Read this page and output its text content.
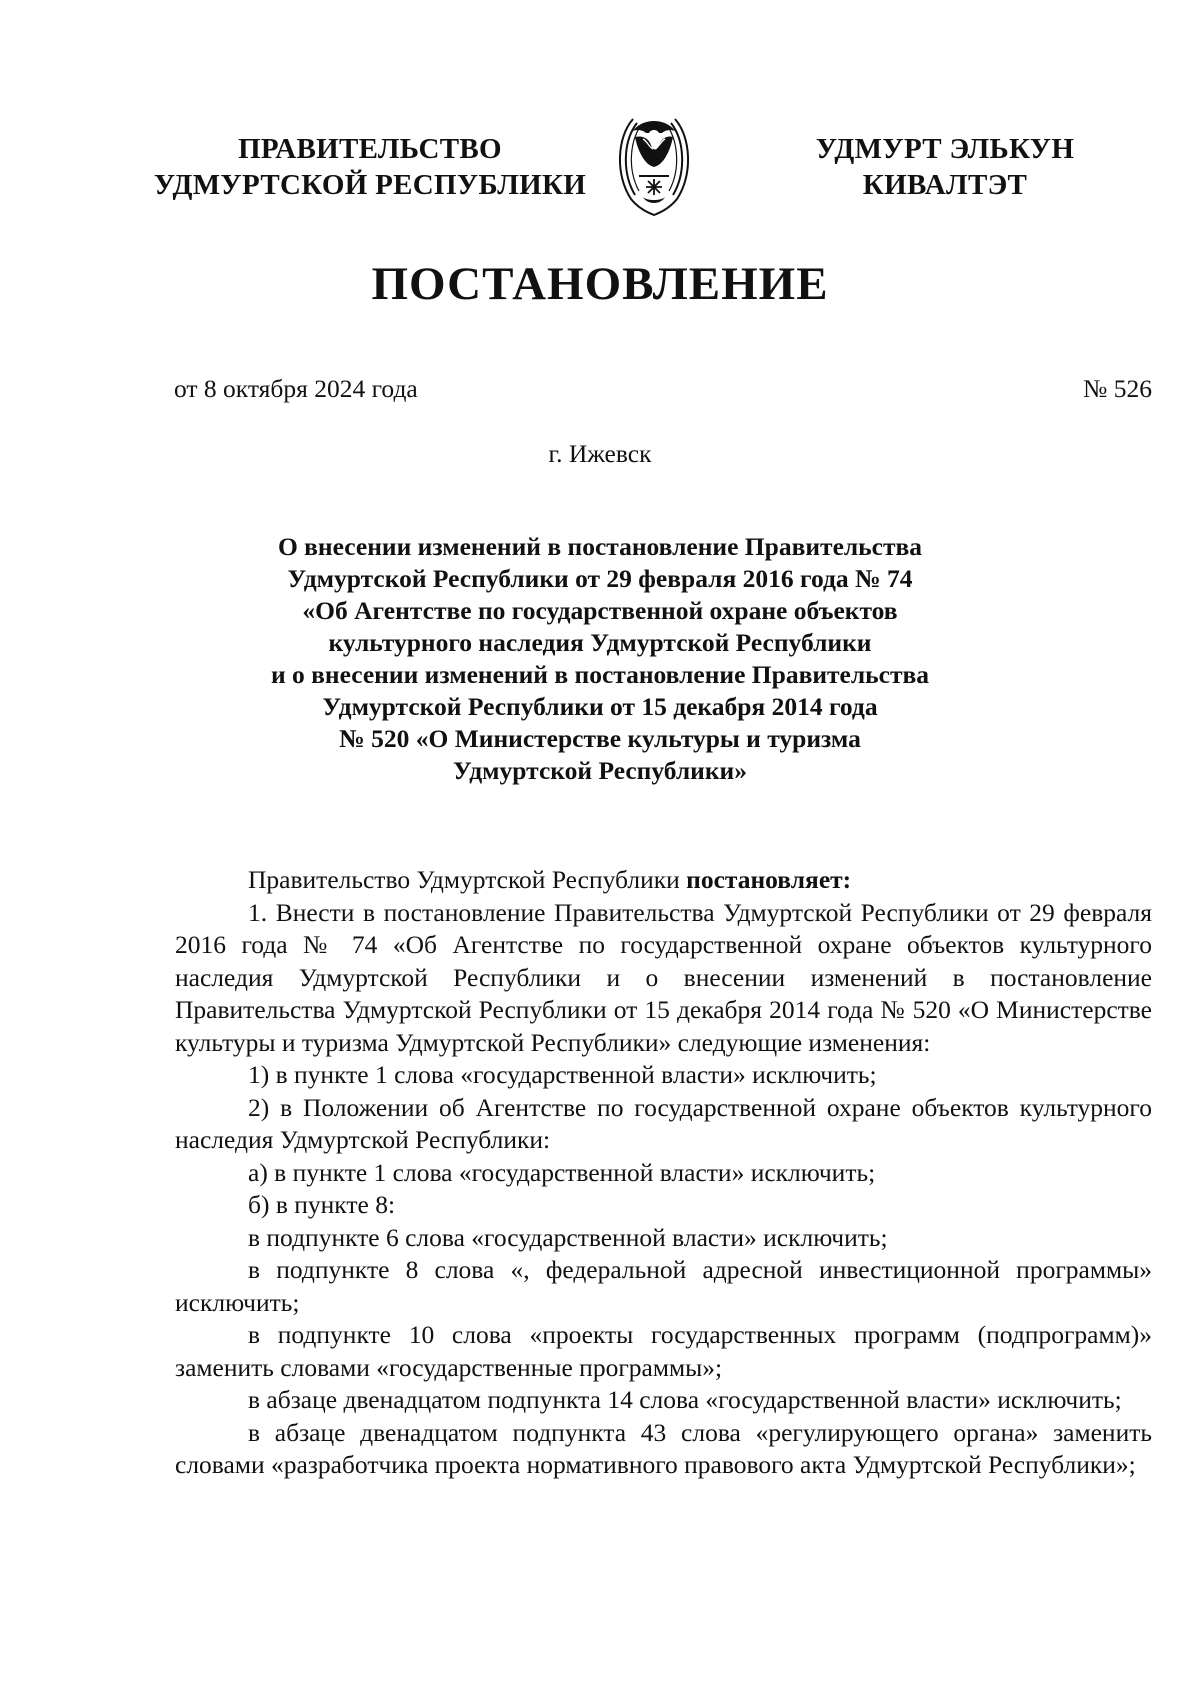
ПРАВИТЕЛЬСТВО
УДМУРТСКОЙ РЕСПУБЛИКИ
УДМУРТ ЭЛЬКУН
КИВАЛТЭТ
ПОСТАНОВЛЕНИЕ
от 8 октября 2024 года	№ 526
г. Ижевск
О внесении изменений в постановление Правительства
Удмуртской Республики от 29 февраля 2016 года № 74
«Об Агентстве по государственной охране объектов
культурного наследия Удмуртской Республики
и о внесении изменений в постановление Правительства
Удмуртской Республики от 15 декабря 2014 года
№ 520 «О Министерстве культуры и туризма
Удмуртской Республики»

Правительство Удмуртской Республики постановляет:

1. Внести в постановление Правительства Удмуртской Республики от 29 февраля 2016 года № 74 «Об Агентстве по государственной охране объектов культурного наследия Удмуртской Республики и о внесении изменений в постановление Правительства Удмуртской Республики от 15 декабря 2014 года № 520 «О Министерстве культуры и туризма Удмуртской Республики» следующие изменения:

1) в пункте 1 слова «государственной власти» исключить;

2) в Положении об Агентстве по государственной охране объектов культурного наследия Удмуртской Республики:

а) в пункте 1 слова «государственной власти» исключить;

б) в пункте 8:

в подпункте 6 слова «государственной власти» исключить;

в подпункте 8 слова «, федеральной адресной инвестиционной программы» исключить;

в подпункте 10 слова «проекты государственных программ (подпрограмм)» заменить словами «государственные программы»;

в абзаце двенадцатом подпункта 14 слова «государственной власти» исключить;

в абзаце двенадцатом подпункта 43 слова «регулирующего органа» заменить словами «разработчика проекта нормативного правового акта Удмуртской Республики»;
